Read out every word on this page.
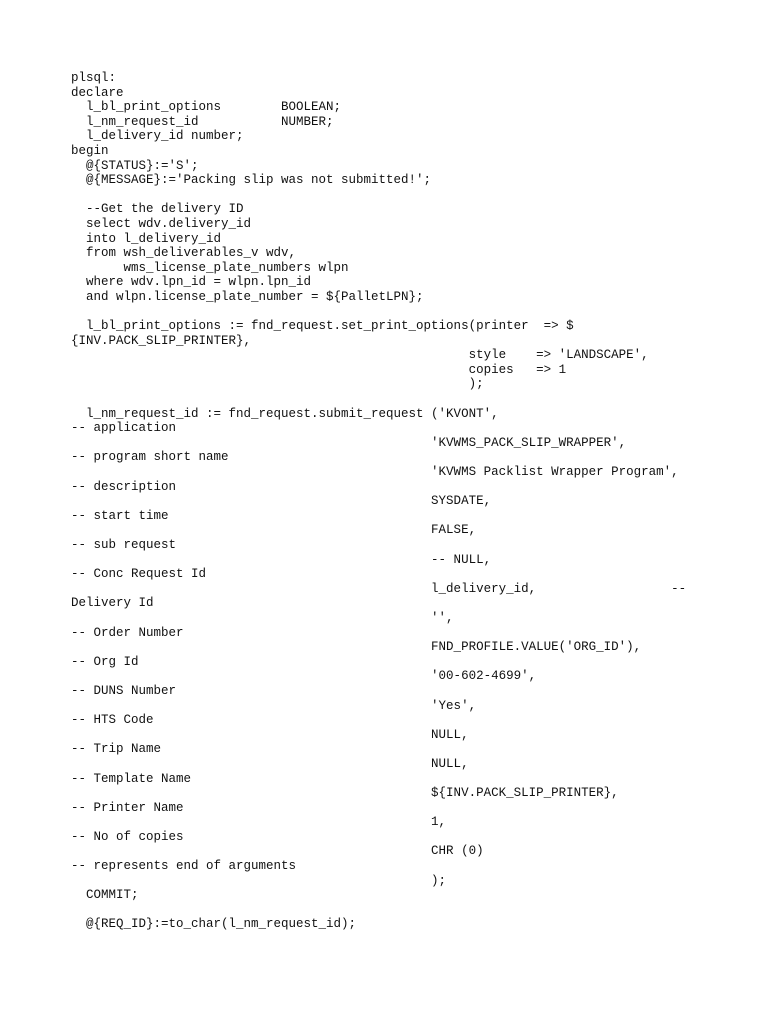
plsql:
declare
l_bl_print_options        BOOLEAN;
l_nm_request_id           NUMBER;
l_delivery_id number;
begin
@{STATUS}:='S';
@{MESSAGE}:='Packing slip was not submitted!';

--Get the delivery ID
select wdv.delivery_id
into l_delivery_id
from wsh_deliverables_v wdv,
wms_license_plate_numbers wlpn
where wdv.lpn_id = wlpn.lpn_id
and wlpn.license_plate_number = ${PalletLPN};

l_bl_print_options := fnd_request.set_print_options(printer  => $
{INV.PACK_SLIP_PRINTER},
style    => 'LANDSCAPE',
copies   => 1
);

l_nm_request_id := fnd_request.submit_request ('KVONT',
-- application
'KVWMS_PACK_SLIP_WRAPPER',
-- program short name
'KVWMS Packlist Wrapper Program',
-- description
SYSDATE,
-- start time
FALSE,
-- sub request
-- NULL,
-- Conc Request Id
l_delivery_id,                  --
Delivery Id
'',
-- Order Number
FND_PROFILE.VALUE('ORG_ID'),
-- Org Id
'00-602-4699',
-- DUNS Number
'Yes',
-- HTS Code
NULL,
-- Trip Name
NULL,
-- Template Name
${INV.PACK_SLIP_PRINTER},
-- Printer Name
1,
-- No of copies
CHR (0)
-- represents end of arguments
);
COMMIT;

@{REQ_ID}:=to_char(l_nm_request_id);
